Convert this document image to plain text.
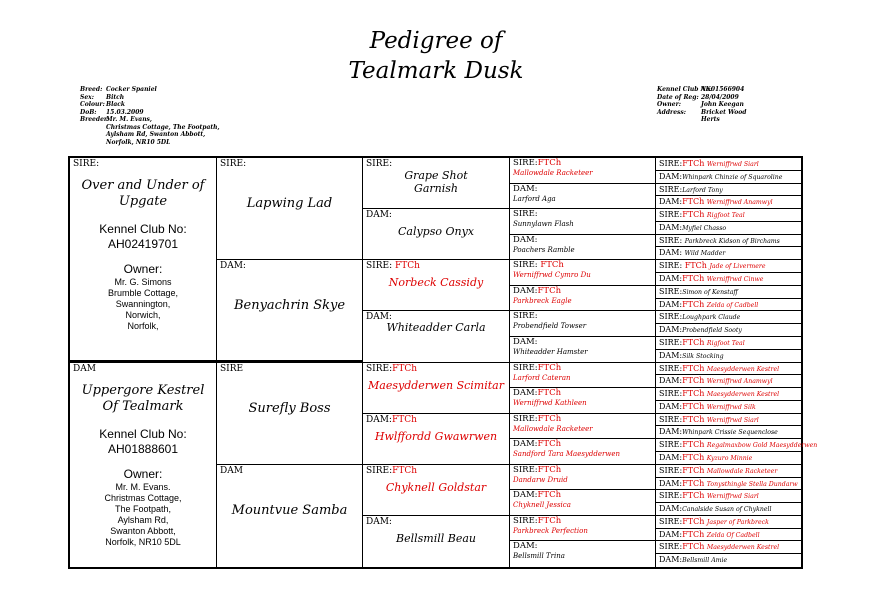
Pedigree of
Tealmark Dusk
Breed: Cocker Spaniel
Sex: Bitch
Colour:Black
DoB: 15.03.2009
Breeder:Mr. M. Evans,
Christmas Cottage, The Footpath,
Aylsham Rd, Swanton Abbott,
Norfolk, NR10 5DL
Kennel Club No:AK01566904
Date of Reg: 28/04/2009
Owner:	John Keegan
Address:	Bricket Wood
Herts
SIRE:
Over and Under of Upgate
Kennel Club No:
AH02419701
Owner:
Mr. G. Simons
Brumble Cottage,
Swannington,
Norwich,
Norfolk,
DAM
Uppergore Kestrel Of Tealmark
Kennel Club No:
AH01888601
Owner:
Mr. M. Evans.
Christmas Cottage,
The Footpath,
Aylsham Rd,
Swanton Abbott,
Norfolk, NR10 5DL
SIRE:
Lapwing Lad
DAM:
Benyachrin Skye
SIRE
Surefly Boss
DAM
Mountvue Samba
SIRE:
Grape Shot Garnish
DAM:
Calypso Onyx
SIRE: FTCh
Norbeck Cassidy
DAM:
Whiteadder Carla
SIRE:FTCh
Maesydderwen Scimitar
DAM:FTCh
Hwlffordd Gwawrwen
SIRE:FTCh
Chyknell Goldstar
DAM:
Bellsmill Beau
SIRE:FTCh
Mallowdale Racketeer
DAM:
Larford Aga
SIRE:
Sunnylawn Flash
DAM:
Poachers Ramble
SIRE: FTCh
Werniffrwd Cymro Du
DAM:FTCh
Parkbreck Eagle
SIRE:
Probendfield Towser
DAM:
Whiteadder Hamster
SIRE:FTCh
Larford Cateran
DAM:FTCh
Werniffrwd Kathleen
SIRE:FTCh
Mallowdale Racketeer
DAM:FTCh
Sandford Tara Maesydderwen
SIRE:FTCh
Dandarw Druid
DAM:FTCh
Chyknell Jessica
SIRE:FTCh
Parkbreck Perfection
DAM:
Bellsmill Trina
SIRE:FTCh Werniffrwd Siarl
DAM:Whinpark Chinzie of Squaroline
SIRE:Larford Tony
DAM:FTCh Werniffrwd Anamwyl
SIRE:FTCh Rigfoot Teal
DAM:Myfiel Chasso
SIRE: Parkbreck Kidson of Birchams
DAM: Wild Madder
SIRE: FTCh Jade of Livermere
DAM:FTCh Werniffrwd Cinwe
SIRE:Simon of Kenstaff
DAM:FTCh Zelda of Cadbell
SIRE:Loughpark Claude
DAM:Probendfield Sooty
SIRE:FTCh Rigfoot Teal
DAM:Silk Stocking
SIRE:FTCh Maesydderwen Kestrel
DAM:FTCh Werniffrwd Anamwyl
SIRE:FTCh Maesydderwen Kestrel
DAM:FTCh Werniffrwd Silk
SIRE:FTCh Werniffrwd Siarl
DAM:Whinpark Crissie Sequenclose
SIRE:FTCh Regalmaxbow Gold Maesydderwen
DAM:FTCh Kyzuro Minnie
SIRE:FTCh Mallowdale Racketeer
DAM:FTCh Tonysthingle Stella Dundarw
SIRE:FTCh Werniffrwd Siarl
DAM:Canalside Susan of Chyknell
SIRE:FTCh Jasper of Parkbreck
DAM:FTCh Zelda Of Cadbell
SIRE:FTCh Maesydderwen Kestrel
DAM:Bellsmill Amie
